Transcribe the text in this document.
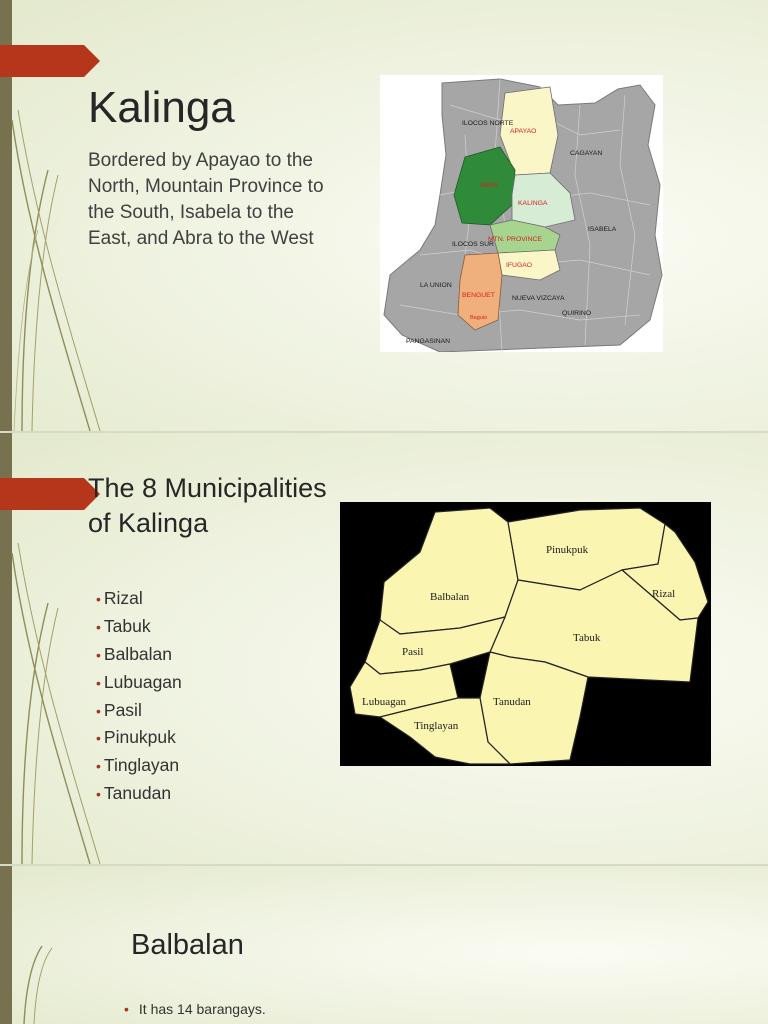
Kalinga

Bordered by Apayao to the North, Mountain Province to the South, Isabela to the East, and Abra to the West

ILOCOS NORTE
APAYAO
CAGAYAN
ABRA
KALINGA
ISABELA
ILOCOS SUR
MTN. PROVINCE
IFUGAO
LA UNION
BENGUET
Baguio
NUEVA VIZCAYA
QUIRINO
PANGASINAN
The 8 Municipalities of Kalinga
• Rizal
• Tabuk
• Balbalan
• Lubuagan
• Pasil
• Pinukpuk
• Tinglayan
• Tanudan
Pinukpuk
Balbalan	Rizal
Tabuk
Pasil
Lubuagan	Tanudan
Tinglayan
Balbalan
• It has 14 barangays.
